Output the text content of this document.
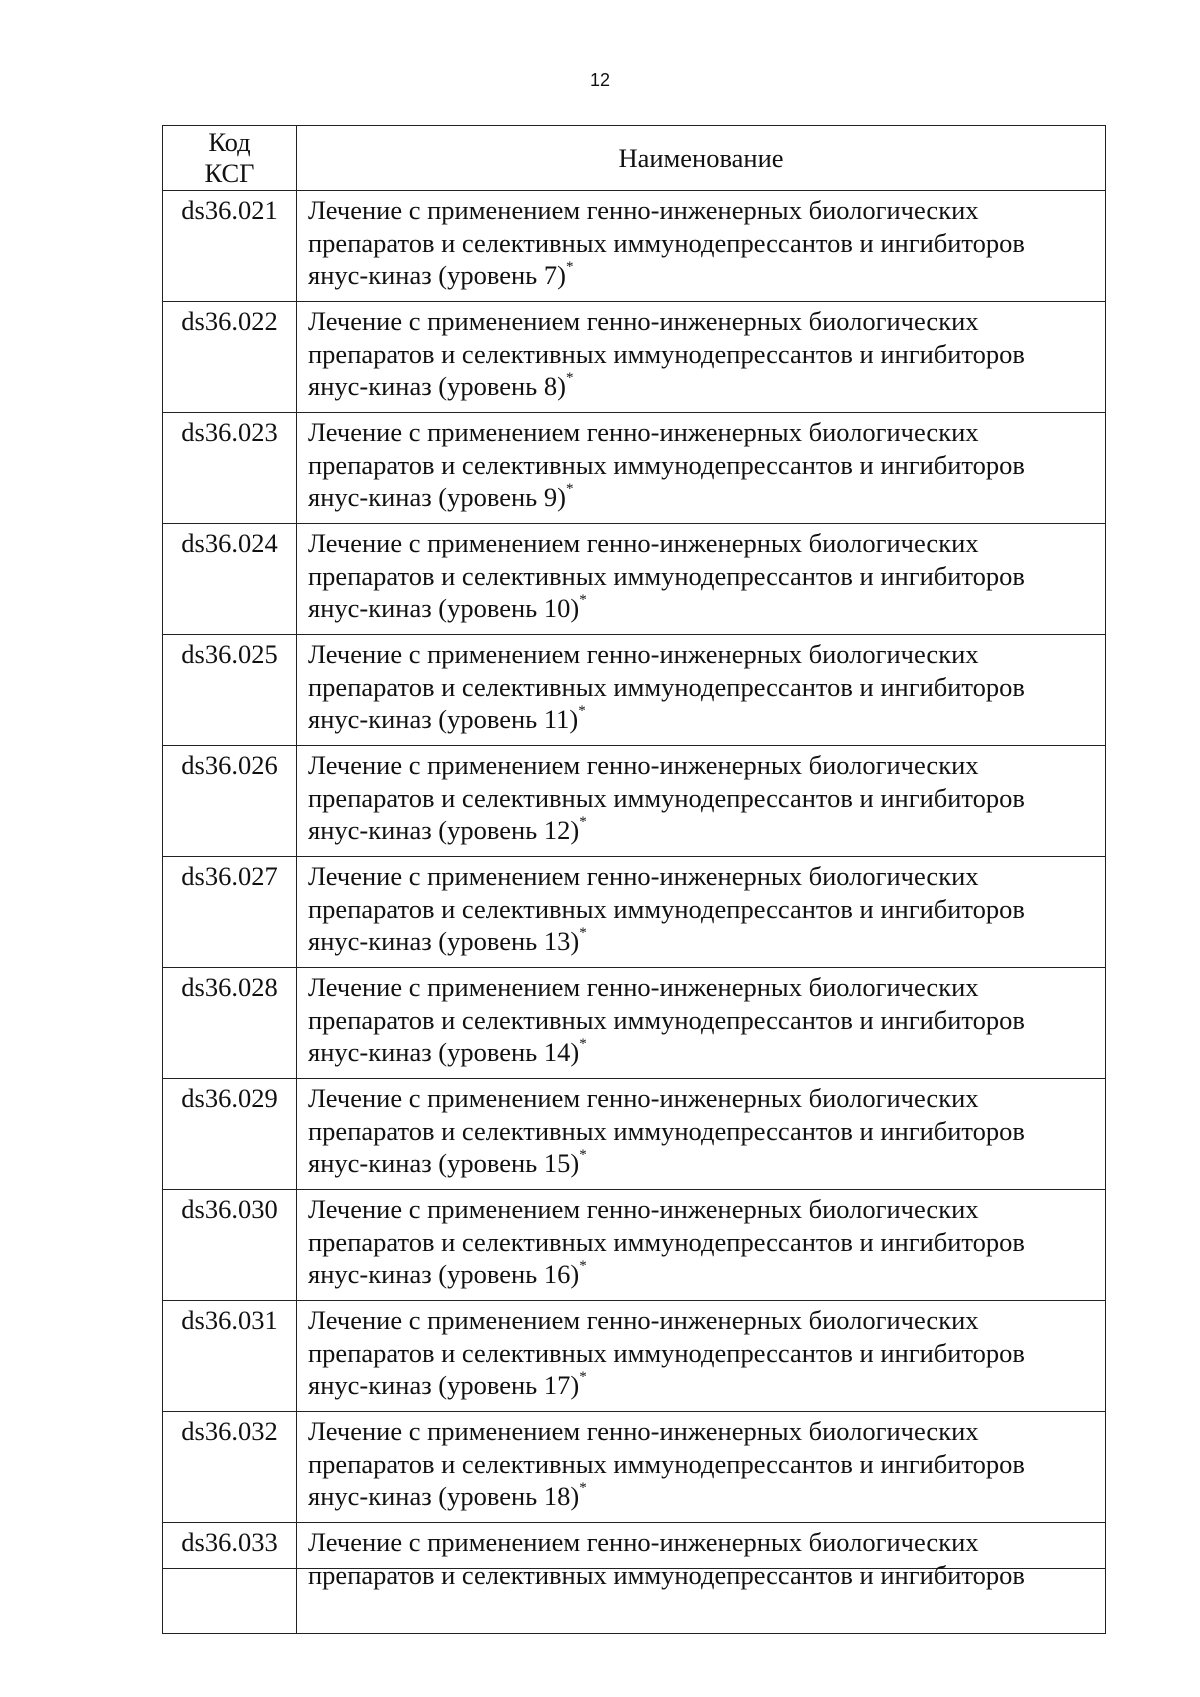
12
Код
КСГ	Наименование
ds36.021	Лечение с применением генно-инженерных биологических
препаратов и селективных иммунодепрессантов и ингибиторов
янус-киназ (уровень 7)*

ds36.022	Лечение с применением генно-инженерных биологических
препаратов и селективных иммунодепрессантов и ингибиторов
янус-киназ (уровень 8)*

ds36.023	Лечение с применением генно-инженерных биологических
препаратов и селективных иммунодепрессантов и ингибиторов
янус-киназ (уровень 9)*

ds36.024	Лечение с применением генно-инженерных биологических
препаратов и селективных иммунодепрессантов и ингибиторов
янус-киназ (уровень 10)*

ds36.025	Лечение с применением генно-инженерных биологических
препаратов и селективных иммунодепрессантов и ингибиторов
янус-киназ (уровень 11)*

ds36.026	Лечение с применением генно-инженерных биологических
препаратов и селективных иммунодепрессантов и ингибиторов
янус-киназ (уровень 12)*

ds36.027	Лечение с применением генно-инженерных биологических
препаратов и селективных иммунодепрессантов и ингибиторов
янус-киназ (уровень 13)*

ds36.028	Лечение с применением генно-инженерных биологических
препаратов и селективных иммунодепрессантов и ингибиторов
янус-киназ (уровень 14)*

ds36.029	Лечение с применением генно-инженерных биологических
препаратов и селективных иммунодепрессантов и ингибиторов
янус-киназ (уровень 15)*

ds36.030	Лечение с применением генно-инженерных биологических
препаратов и селективных иммунодепрессантов и ингибиторов
янус-киназ (уровень 16)*

ds36.031	Лечение с применением генно-инженерных биологических
препаратов и селективных иммунодепрессантов и ингибиторов
янус-киназ (уровень 17)*

ds36.032	Лечение с применением генно-инженерных биологических
препаратов и селективных иммунодепрессантов и ингибиторов
янус-киназ (уровень 18)*

ds36.033	Лечение с применением генно-инженерных биологических
препаратов и селективных иммунодепрессантов и ингибиторов
